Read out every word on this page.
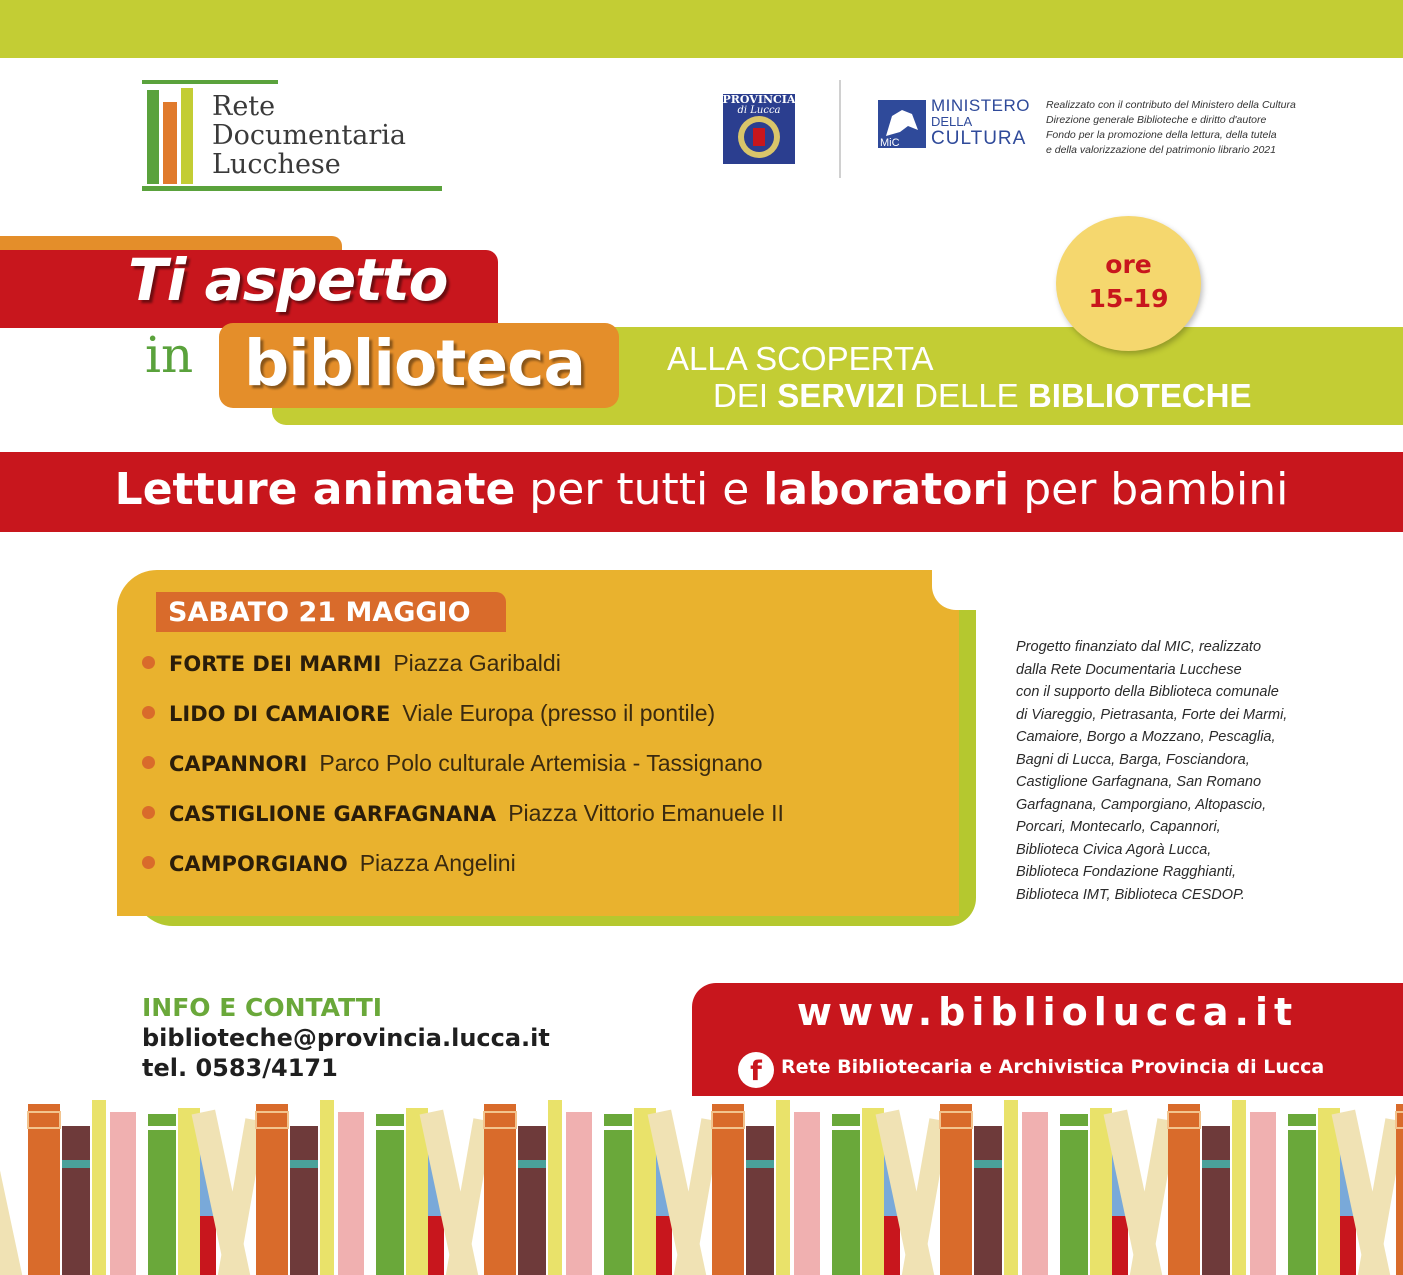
Rete
Documentaria
Lucchese
PROVINCIA
di Lucca
MiC
MINISTERO
DELLA
CULTURA
Realizzato con il contributo del Ministero della Cultura
Direzione generale Biblioteche e diritto d'autore
Fondo per la promozione della lettura, della tutela
e della valorizzazione del patrimonio librario 2021
Ti aspetto
in biblioteca ALLA SCOPERTA
DEI SERVIZI DELLE BIBLIOTECHE
ore
15-19
Letture animate per tutti e laboratori per bambini
SABATO 21 MAGGIO
FORTE DEI MARMI Piazza Garibaldi
LIDO DI CAMAIORE Viale Europa (presso il pontile)
CAPANNORI Parco Polo culturale Artemisia - Tassignano
CASTIGLIONE GARFAGNANA Piazza Vittorio Emanuele II
CAMPORGIANO Piazza Angelini
Progetto finanziato dal MIC, realizzato
dalla Rete Documentaria Lucchese
con il supporto della Biblioteca comunale
di Viareggio, Pietrasanta, Forte dei Marmi,
Camaiore, Borgo a Mozzano, Pescaglia,
Bagni di Lucca, Barga, Fosciandora,
Castiglione Garfagnana, San Romano
Garfagnana, Camporgiano, Altopascio,
Porcari, Montecarlo, Capannori,
Biblioteca Civica Agorà Lucca,
Biblioteca Fondazione Ragghianti,
Biblioteca IMT, Biblioteca CESDOP.
INFO E CONTATTI
biblioteche@provincia.lucca.it
tel. 0583/4171
www.bibliolucca.it
f	Rete Bibliotecaria e Archivistica Provincia di Lucca
